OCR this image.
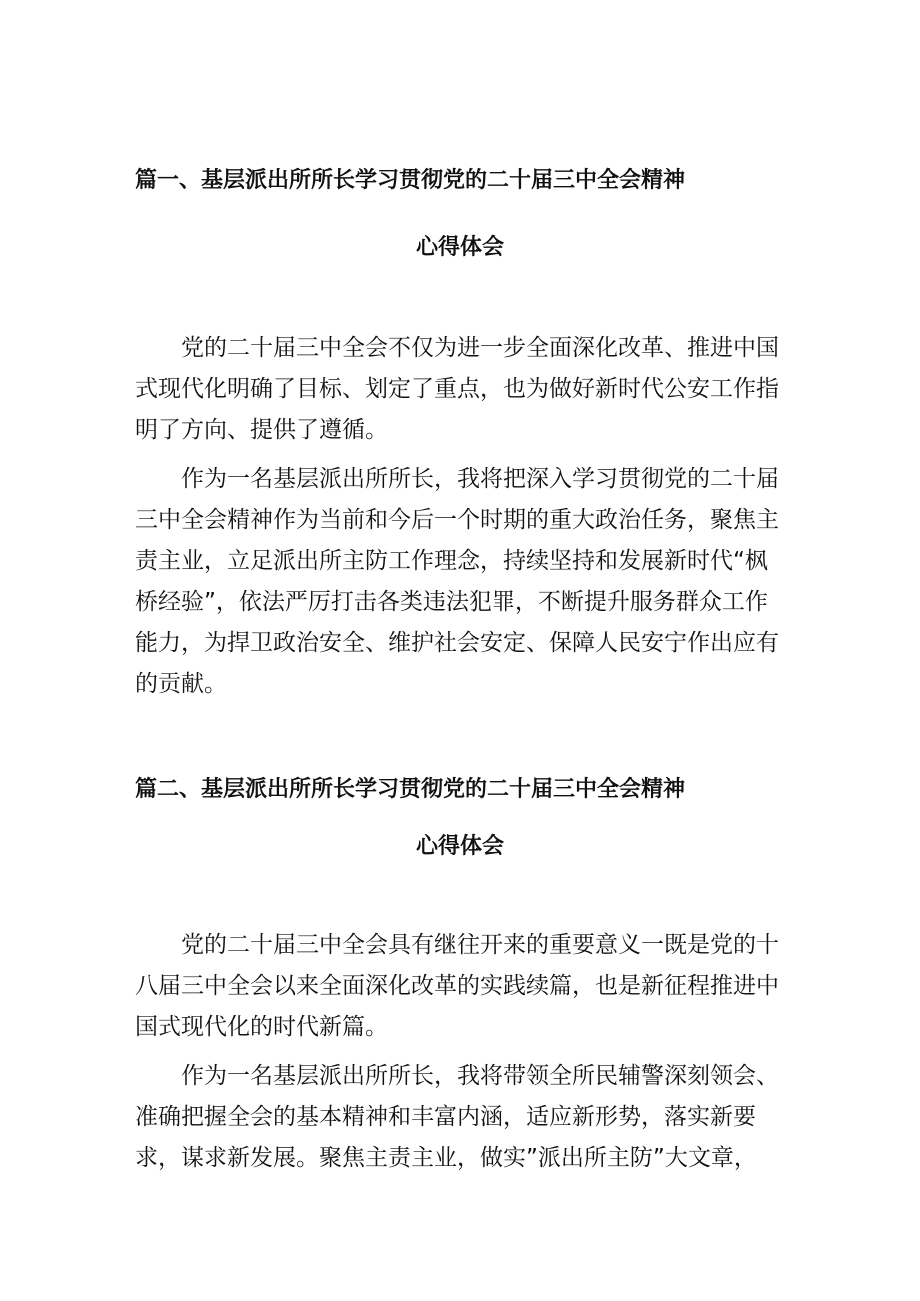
篇一、基层派出所所长学习贯彻党的二十届三中全会精神
心得体会
党的二十届三中全会不仅为进一步全面深化改革、推进中国
式现代化明确了目标、划定了重点，也为做好新时代公安工作指
明了方向、提供了遵循。
作为一名基层派出所所长，我将把深入学习贯彻党的二十届
三中全会精神作为当前和今后一个时期的重大政治任务，聚焦主
责主业，立足派出所主防工作理念，持续坚持和发展新时代“枫
桥经验”，依法严厉打击各类违法犯罪，不断提升服务群众工作
能力，为捍卫政治安全、维护社会安定、保障人民安宁作出应有
的贡献。
篇二、基层派出所所长学习贯彻党的二十届三中全会精神
心得体会
党的二十届三中全会具有继往开来的重要意义一既是党的十
八届三中全会以来全面深化改革的实践续篇，也是新征程推进中
国式现代化的时代新篇。
作为一名基层派出所所长，我将带领全所民辅警深刻领会、
准确把握全会的基本精神和丰富内涵，适应新形势，落实新要
求，谋求新发展。聚焦主责主业，做实”派出所主防”大文章，
